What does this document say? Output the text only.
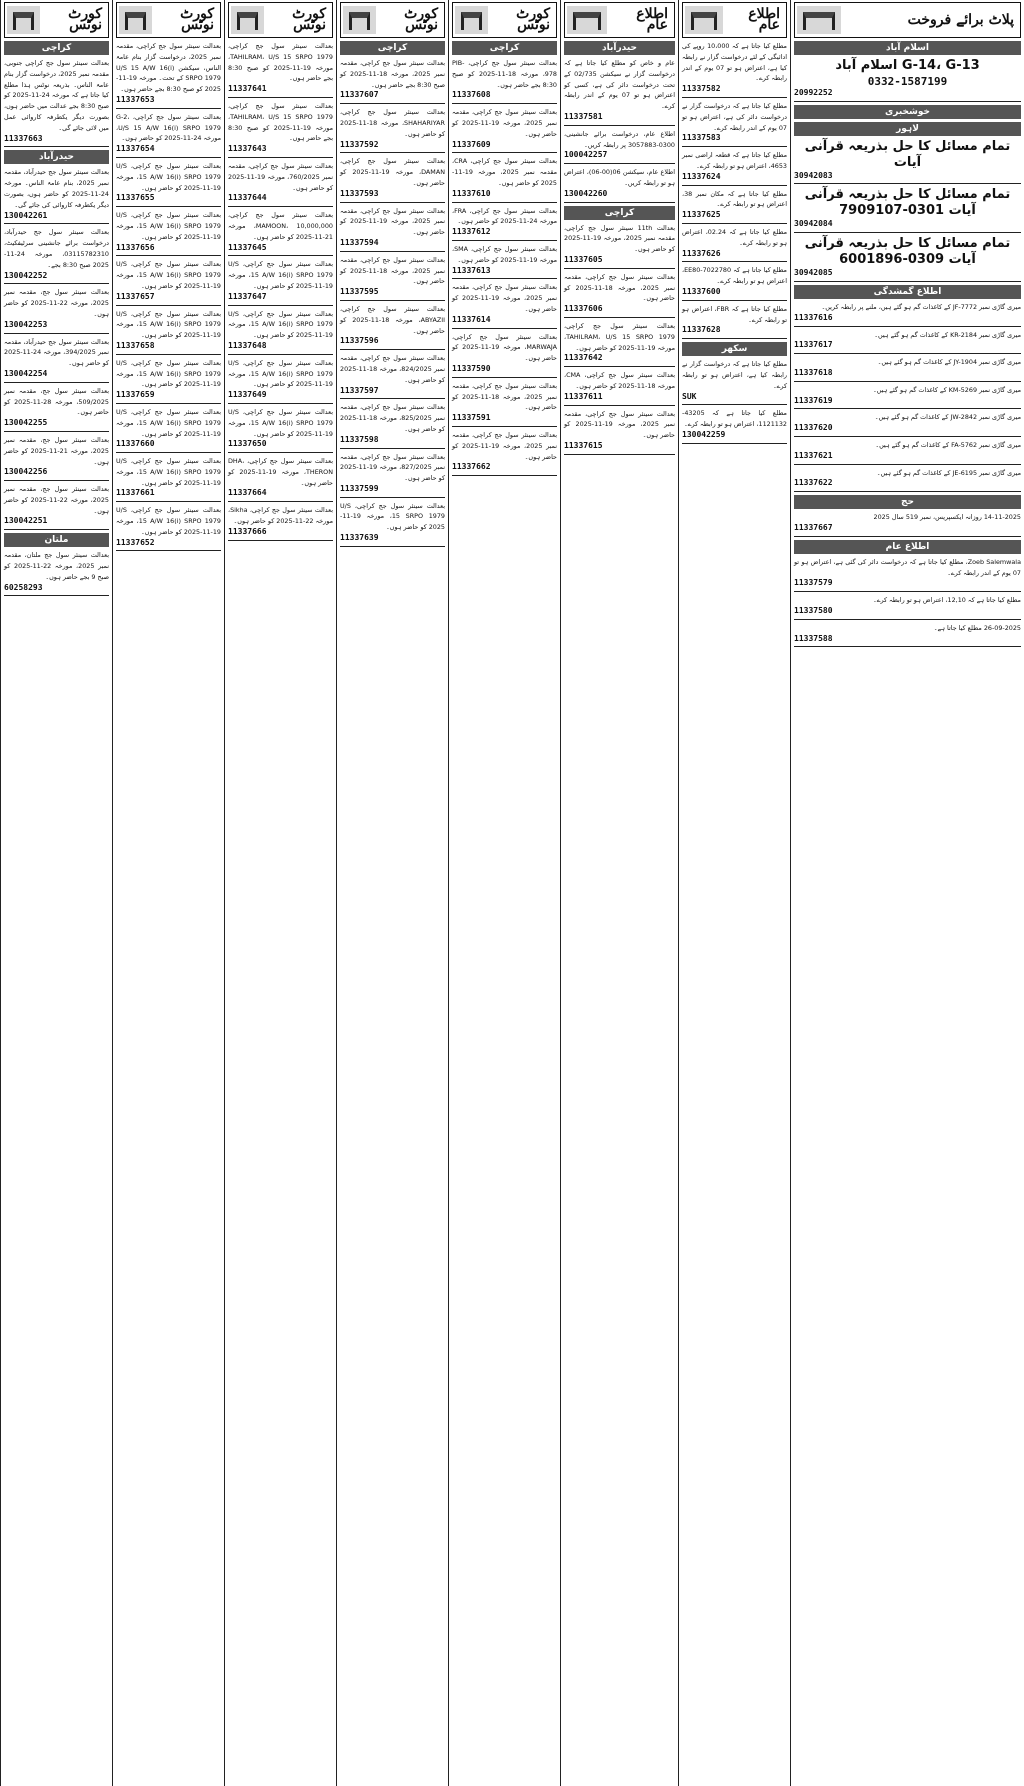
کورٹ نوٹس
کراچی

بعدالت سینئر سول جج کراچی جنوبی، مقدمہ نمبر 2025، درخواست گزار بنام عامۃ الناس۔ بذریعہ نوٹس ہذا مطلع کیا جاتا ہے کہ مورخہ 24-11-2025 کو صبح 8:30 بجے عدالت میں حاضر ہوں، بصورت دیگر یکطرفہ کاروائی عمل میں لائی جائے گی۔

11337663
حیدرآباد

بعدالت سینئر سول جج حیدرآباد، مقدمہ نمبر 2025، بنام عامۃ الناس۔ مورخہ 24-11-2025 کو حاضر ہوں، بصورت دیگر یکطرفہ کاروائی کی جائے گی۔

130042261

بعدالت سینئر سول جج حیدرآباد، درخواست برائے جانشینی سرٹیفکیٹ، 03115782310، مورخہ 24-11-2025 صبح 8:30 بجے۔

130042252

بعدالت سینئر سول جج، مقدمہ نمبر 2025، مورخہ 22-11-2025 کو حاضر ہوں۔

130042253

بعدالت سینئر سول جج حیدرآباد، مقدمہ نمبر 394/2025، مورخہ 24-11-2025 کو حاضر ہوں۔

130042254

بعدالت سینئر سول جج، مقدمہ نمبر 509/2025، مورخہ 28-11-2025 کو حاضر ہوں۔

130042255

بعدالت سینئر سول جج، مقدمہ نمبر 2025، مورخہ 21-11-2025 کو حاضر ہوں۔

130042256

بعدالت سینئر سول جج، مقدمہ نمبر 2025، مورخہ 22-11-2025 کو حاضر ہوں۔

130042251
ملتان

بعدالت سینئر سول جج ملتان، مقدمہ نمبر 2025، مورخہ 22-11-2025 کو صبح 9 بجے حاضر ہوں۔

60258293
کورٹ نوٹس

بعدالت سینئر سول جج کراچی، مقدمہ نمبر 2025، درخواست گزار بنام عامۃ الناس، سیکشن U/S 15 A/W 16(i) SRPO 1979 کے تحت۔ مورخہ 19-11-2025 کو صبح 8:30 بجے حاضر ہوں۔

11337653

بعدالت سینئر سول جج کراچی، G-2، U/S 15 A/W 16(i) SRPO 1979، مورخہ 24-11-2025 کو حاضر ہوں۔

11337654

بعدالت سینئر سول جج کراچی، U/S 15 A/W 16(i) SRPO 1979، مورخہ 19-11-2025 کو حاضر ہوں۔

11337655

بعدالت سینئر سول جج کراچی، U/S 15 A/W 16(i) SRPO 1979، مورخہ 19-11-2025 کو حاضر ہوں۔

11337656

بعدالت سینئر سول جج کراچی، U/S 15 A/W 16(i) SRPO 1979، مورخہ 19-11-2025 کو حاضر ہوں۔

11337657

بعدالت سینئر سول جج کراچی، U/S 15 A/W 16(i) SRPO 1979، مورخہ 19-11-2025 کو حاضر ہوں۔

11337658

بعدالت سینئر سول جج کراچی، U/S 15 A/W 16(i) SRPO 1979، مورخہ 19-11-2025 کو حاضر ہوں۔

11337659

بعدالت سینئر سول جج کراچی، U/S 15 A/W 16(i) SRPO 1979، مورخہ 19-11-2025 کو حاضر ہوں۔

11337660

بعدالت سینئر سول جج کراچی، U/S 15 A/W 16(i) SRPO 1979، مورخہ 19-11-2025 کو حاضر ہوں۔

11337661

بعدالت سینئر سول جج کراچی، U/S 15 A/W 16(i) SRPO 1979، مورخہ 19-11-2025 کو حاضر ہوں۔

11337652
کورٹ نوٹس

بعدالت سینئر سول جج کراچی، TAHILRAM، U/S 15 SRPO 1979، مورخہ 19-11-2025 کو صبح 8:30 بجے حاضر ہوں۔

11337641

بعدالت سینئر سول جج کراچی، TAHILRAM، U/S 15 SRPO 1979، مورخہ 19-11-2025 کو صبح 8:30 بجے حاضر ہوں۔

11337643

بعدالت سینئر سول جج کراچی، مقدمہ نمبر 760/2025، مورخہ 19-11-2025 کو حاضر ہوں۔

11337644

بعدالت سینئر سول جج کراچی، MAMOON، 10,000,000، مورخہ 21-11-2025 کو حاضر ہوں۔

11337645

بعدالت سینئر سول جج کراچی، U/S 15 A/W 16(i) SRPO 1979، مورخہ 19-11-2025 کو حاضر ہوں۔

11337647

بعدالت سینئر سول جج کراچی، U/S 15 A/W 16(i) SRPO 1979، مورخہ 19-11-2025 کو حاضر ہوں۔

11337648

بعدالت سینئر سول جج کراچی، U/S 15 A/W 16(i) SRPO 1979، مورخہ 19-11-2025 کو حاضر ہوں۔

11337649

بعدالت سینئر سول جج کراچی، U/S 15 A/W 16(i) SRPO 1979، مورخہ 19-11-2025 کو حاضر ہوں۔

11337650

بعدالت سینئر سول جج کراچی، DHA، THERON، مورخہ 19-11-2025 کو حاضر ہوں۔

11337664

بعدالت سینئر سول جج کراچی، Sikha، مورخہ 22-11-2025 کو حاضر ہوں۔

11337666
کورٹ نوٹس
کراچی

بعدالت سینئر سول جج کراچی، مقدمہ نمبر 2025، مورخہ 18-11-2025 کو صبح 8:30 بجے حاضر ہوں۔

11337607

بعدالت سینئر سول جج کراچی، SHAHARIYAR، مورخہ 18-11-2025 کو حاضر ہوں۔

11337592

بعدالت سینئر سول جج کراچی، DAMAN، مورخہ 19-11-2025 کو حاضر ہوں۔

11337593

بعدالت سینئر سول جج کراچی، مقدمہ نمبر 2025، مورخہ 19-11-2025 کو حاضر ہوں۔

11337594

بعدالت سینئر سول جج کراچی، مقدمہ نمبر 2025، مورخہ 18-11-2025 کو حاضر ہوں۔

11337595

بعدالت سینئر سول جج کراچی، ABYAZII، مورخہ 18-11-2025 کو حاضر ہوں۔

11337596

بعدالت سینئر سول جج کراچی، مقدمہ نمبر 824/2025، مورخہ 18-11-2025 کو حاضر ہوں۔

11337597

بعدالت سینئر سول جج کراچی، مقدمہ نمبر 825/2025، مورخہ 18-11-2025 کو حاضر ہوں۔

11337598

بعدالت سینئر سول جج کراچی، مقدمہ نمبر 827/2025، مورخہ 19-11-2025 کو حاضر ہوں۔

11337599

بعدالت سینئر سول جج کراچی، U/S 15 SRPO 1979، مورخہ 19-11-2025 کو حاضر ہوں۔

11337639
کورٹ نوٹس
کراچی

بعدالت سینئر سول جج کراچی، PIB-978، مورخہ 18-11-2025 کو صبح 8:30 بجے حاضر ہوں۔

11337608

بعدالت سینئر سول جج کراچی، مقدمہ نمبر 2025، مورخہ 19-11-2025 کو حاضر ہوں۔

11337609

بعدالت سینئر سول جج کراچی، CRA، مقدمہ نمبر 2025، مورخہ 19-11-2025 کو حاضر ہوں۔

11337610

بعدالت سینئر سول جج کراچی، FRA، مورخہ 24-11-2025 کو حاضر ہوں۔

11337612

بعدالت سینئر سول جج کراچی، SMA، مورخہ 19-11-2025 کو حاضر ہوں۔

11337613

بعدالت سینئر سول جج کراچی، مقدمہ نمبر 2025، مورخہ 19-11-2025 کو حاضر ہوں۔

11337614

بعدالت سینئر سول جج کراچی، MARWAJA، مورخہ 19-11-2025 کو حاضر ہوں۔

11337590

بعدالت سینئر سول جج کراچی، مقدمہ نمبر 2025، مورخہ 18-11-2025 کو حاضر ہوں۔

11337591

بعدالت سینئر سول جج کراچی، مقدمہ نمبر 2025، مورخہ 19-11-2025 کو حاضر ہوں۔

11337662
اطلاع عام
حیدرآباد

عام و خاص کو مطلع کیا جاتا ہے کہ درخواست گزار نے سیکشن 02/735 کے تحت درخواست دائر کی ہے، کسی کو اعتراض ہو تو 07 یوم کے اندر رابطہ کرے۔

11337581

اطلاع عام، درخواست برائے جانشینی، 0300-3057883 پر رابطہ کریں۔

100042257

اطلاع عام، سیکشن 06(00-06)، اعتراض ہو تو رابطہ کریں۔

130042260
کراچی

بعدالت 11th سینئر سول جج کراچی، مقدمہ نمبر 2025، مورخہ 19-11-2025 کو حاضر ہوں۔

11337605

بعدالت سینئر سول جج کراچی، مقدمہ نمبر 2025، مورخہ 18-11-2025 کو حاضر ہوں۔

11337606

بعدالت سینئر سول جج کراچی، TAHILRAM، U/S 15 SRPO 1979، مورخہ 19-11-2025 کو حاضر ہوں۔

11337642

بعدالت سینئر سول جج کراچی، CMA، مورخہ 18-11-2025 کو حاضر ہوں۔

11337611

بعدالت سینئر سول جج کراچی، مقدمہ نمبر 2025، مورخہ 19-11-2025 کو حاضر ہوں۔

11337615
اطلاع عام

مطلع کیا جاتا ہے کہ 10،000 روپے کی ادائیگی کے لئے درخواست گزار نے رابطہ کیا ہے، اعتراض ہو تو 07 یوم کے اندر رابطہ کرے۔

11337582

مطلع کیا جاتا ہے کہ درخواست گزار نے درخواست دائر کی ہے، اعتراض ہو تو 07 یوم کے اندر رابطہ کرے۔

11337583

مطلع کیا جاتا ہے کہ قطعہ اراضی نمبر 4653، اعتراض ہو تو رابطہ کرے۔

11337624

مطلع کیا جاتا ہے کہ مکان نمبر 38، اعتراض ہو تو رابطہ کرے۔

11337625

مطلع کیا جاتا ہے کہ 02.24، اعتراض ہو تو رابطہ کرے۔

11337626

مطلع کیا جاتا ہے کہ EE80-7022780، اعتراض ہو تو رابطہ کرے۔

11337600

مطلع کیا جاتا ہے کہ FBR، اعتراض ہو تو رابطہ کرے۔

11337628
سکھر

مطلع کیا جاتا ہے کہ درخواست گزار نے رابطہ کیا ہے، اعتراض ہو تو رابطہ کرے۔

SUK

مطلع کیا جاتا ہے کہ 43205-1121132، اعتراض ہو تو رابطہ کرے۔

130042259
پلاٹ برائے فروخت
اسلام آباد

G-14، G-13 اسلام آباد

0332-1587199

20992252
خوشخبری
لاہور

تمام مسائل کا حل بذریعہ قرآنی آیات

30942083

تمام مسائل کا حل بذریعہ قرآنی آیات 0301-7909107

30942084

تمام مسائل کا حل بذریعہ قرآنی آیات 0309-6001896

30942085
اطلاع گمشدگی

میری گاڑی نمبر JF-7772 کے کاغذات گم ہو گئے ہیں، ملنے پر رابطہ کریں۔

11337616

میری گاڑی نمبر KR-2184 کے کاغذات گم ہو گئے ہیں۔

11337617

میری گاڑی نمبر JY-1904 کے کاغذات گم ہو گئے ہیں۔

11337618

میری گاڑی نمبر KM-5269 کے کاغذات گم ہو گئے ہیں۔

11337619

میری گاڑی نمبر JW-2842 کے کاغذات گم ہو گئے ہیں۔

11337620

میری گاڑی نمبر FA-5762 کے کاغذات گم ہو گئے ہیں۔

11337621

میری گاڑی نمبر JE-6195 کے کاغذات گم ہو گئے ہیں۔

11337622
حج

14-11-2025 روزانہ ایکسپریس، نمبر 519 سال 2025

11337667
اطلاع عام

Zoeb Salemwala، مطلع کیا جاتا ہے کہ درخواست دائر کی گئی ہے، اعتراض ہو تو 07 یوم کے اندر رابطہ کرے۔

11337579

مطلع کیا جاتا ہے کہ 12,10، اعتراض ہو تو رابطہ کرے۔

11337580

26-09-2025 مطلع کیا جاتا ہے۔

11337588
